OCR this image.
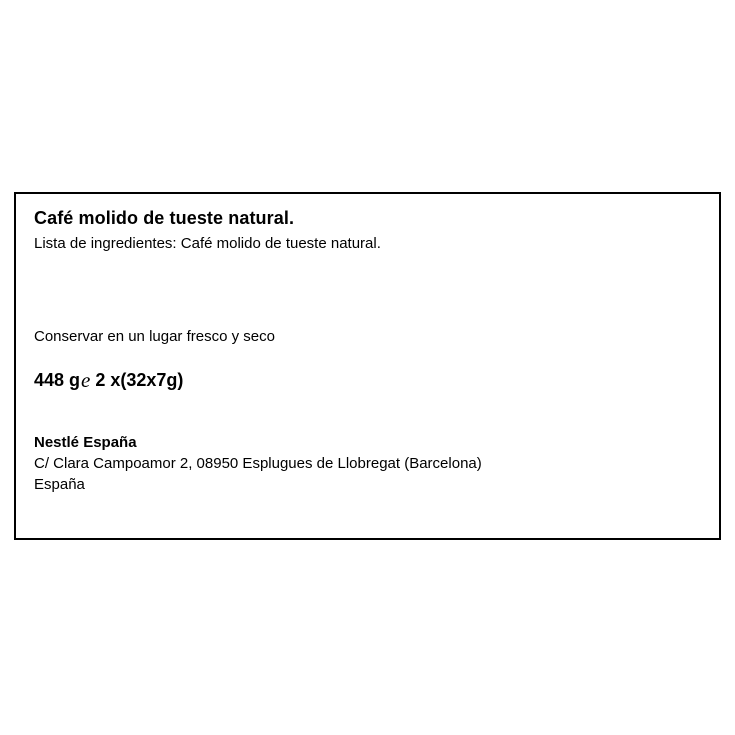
Café molido de tueste natural.

Lista de ingredientes: Café molido de tueste natural.

Conservar en un lugar fresco y seco

448 g e 2 x(32x7g)

Nestlé España

C/ Clara Campoamor 2, 08950 Esplugues de Llobregat (Barcelona)

España
